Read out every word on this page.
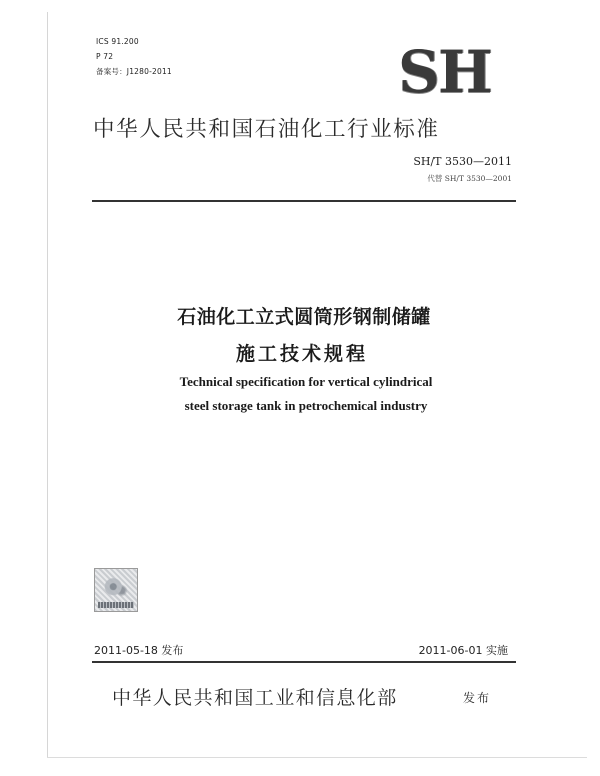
ICS 91.200
P 72
备案号：J1280-2011	SH
中华人民共和国石油化工行业标准
SH/T 3530—2011
代替 SH/T 3530—2001
石油化工立式圆筒形钢制储罐
施工技术规程
Technical specification for vertical cylindrical
steel storage tank in petrochemical industry
2011-05-18 发布	2011-06-01 实施
中华人民共和国工业和信息化部	发布
